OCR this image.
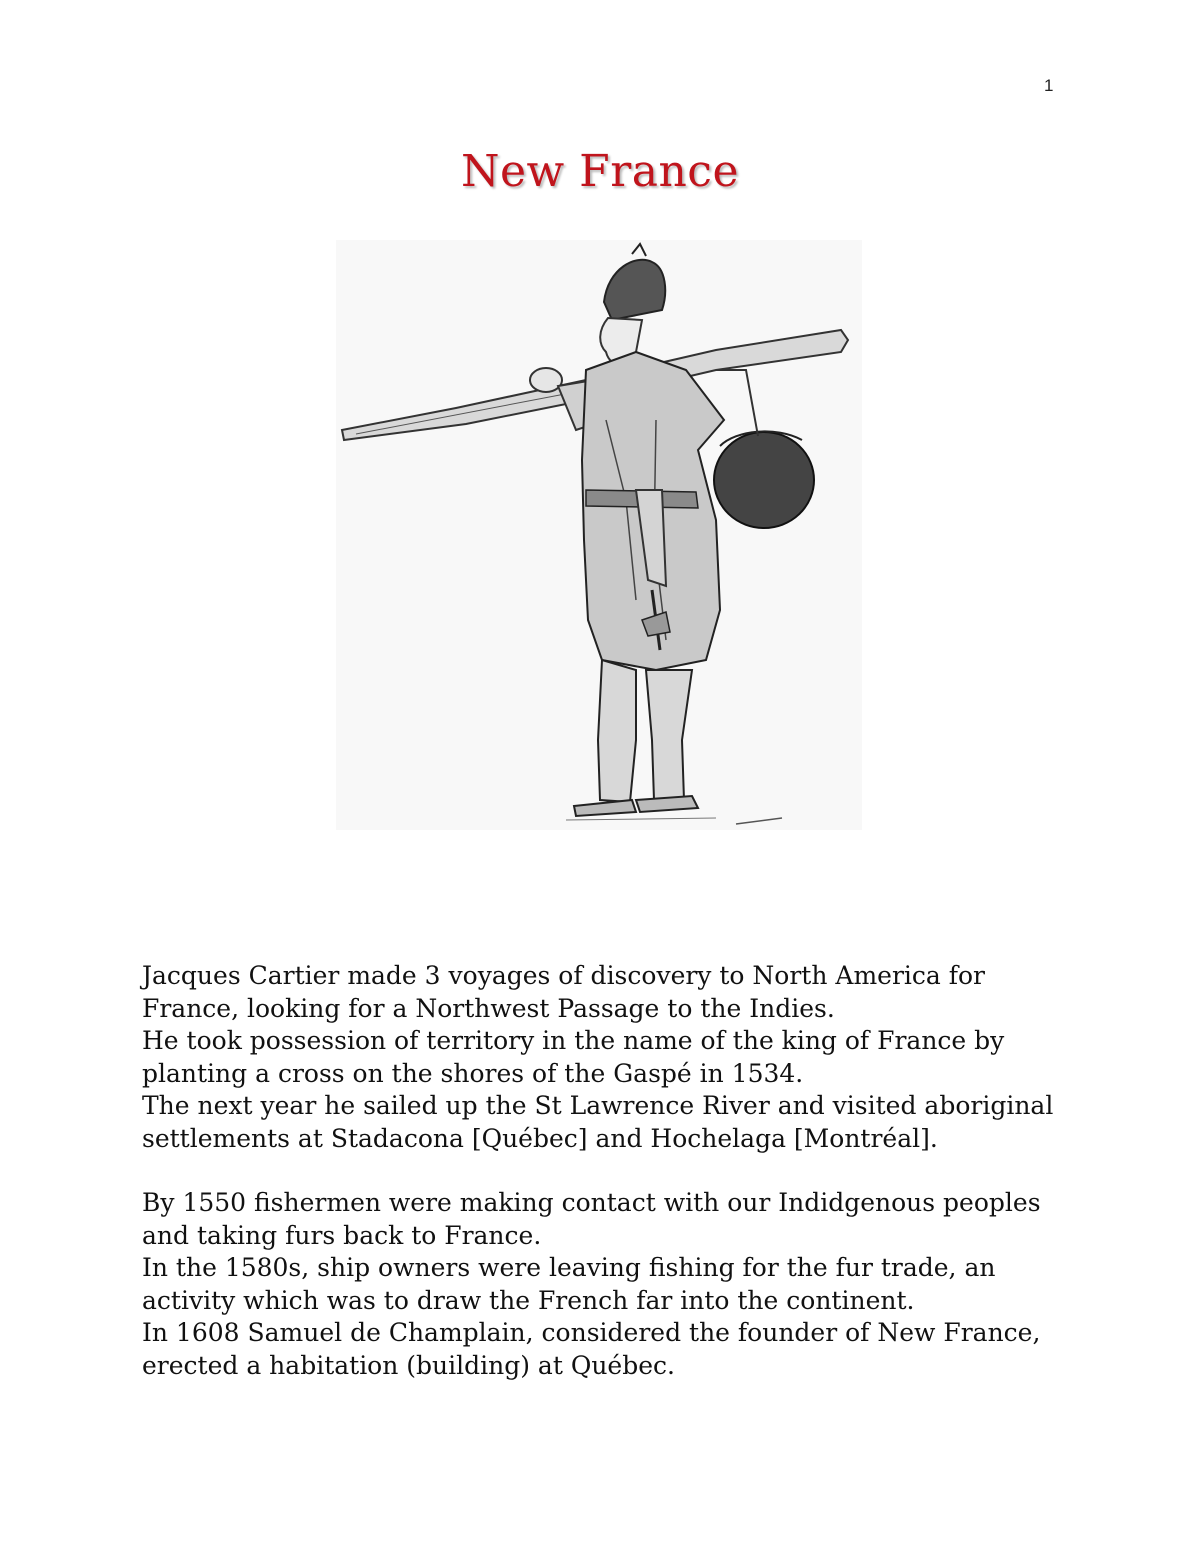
1
New France

Jacques Cartier made 3 voyages of discovery to North America for France, looking for a Northwest Passage to the Indies.

He took possession of territory in the name of the king of France by planting a cross on the shores of the Gaspé in 1534.

The next year he sailed up the St Lawrence River and visited aboriginal settlements at Stadacona [Québec] and Hochelaga [Montréal].

By 1550 fishermen were making contact with our Indidgenous peoples and taking furs back to France.

In the 1580s, ship owners were leaving fishing for the fur trade, an activity which was to draw the French far into the continent.

In 1608 Samuel de Champlain, considered the founder of New France, erected a habitation (building) at Québec.
